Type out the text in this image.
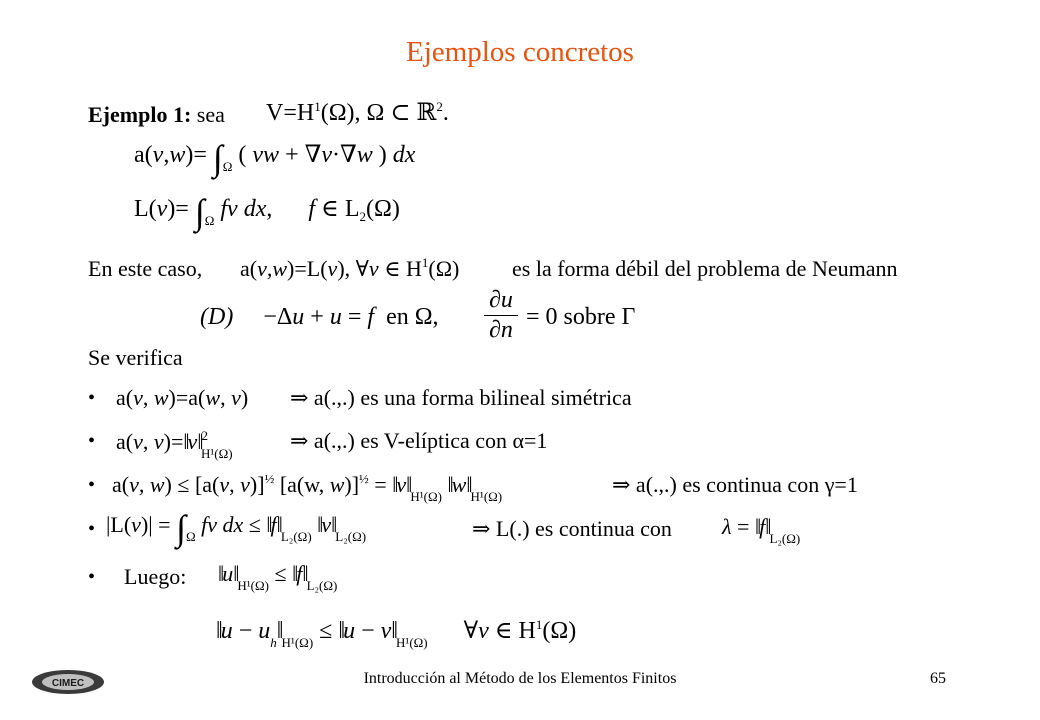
Ejemplos concretos
Ejemplo 1: sea $V=H^1(\Omega)$, Ω ⊂ ℝ$^2$.
$a(v,w)= \int_\Omega$ ( vw + ∇v·∇w ) dx
$L(v)= \int_\Omega$ fv dx,      f ∈ $L_2(\Omega)$
En este caso, a(v,w)=L(v), ∀v ∈ $H^1(\Omega)$ es la forma débil del problema de Neumann
(D)     −Δu + u = f  en Ω,
∂u
∂n = 0 sobre Γ
Se verifica
• a(v, w)=a(w, v) ⇒ a(.,.) es una forma bilineal simétrica
• a(v, v)=‖v‖$^2_{H^1(\Omega)}$
⇒ a(.,.) es V-elíptica con α=1
• a(v, w) ≤ [a(v, v)]$^{\frac{1}{2}}$ [a(w, $w)]^{\frac{1}{2}} = ‖v‖_{H^1(\Omega)}$ $‖w‖_{H^1(\Omega)}$	⇒ a(.,.) es continua con γ=1
• $|L(v)| = \int_\Omega$ fv dx ≤ $‖f‖_{L_2(\Omega)}$ $‖v‖_{L_2(\Omega)}$	⇒ L(.) es continua con $\lambda = ‖f‖_{L_2(\Omega)}$
• Luego: $‖u‖_{H^1(\Omega)}$ ≤ $‖f‖_{L_2(\Omega)}$
‖u − $u_h‖_{H^1(\Omega)}$ ≤ ‖u − $v‖_{H^1(\Omega)}$      ∀v ∈ $H^1(\Omega)$
CIMEC	Introducción al Método de los Elementos Finitos	65
